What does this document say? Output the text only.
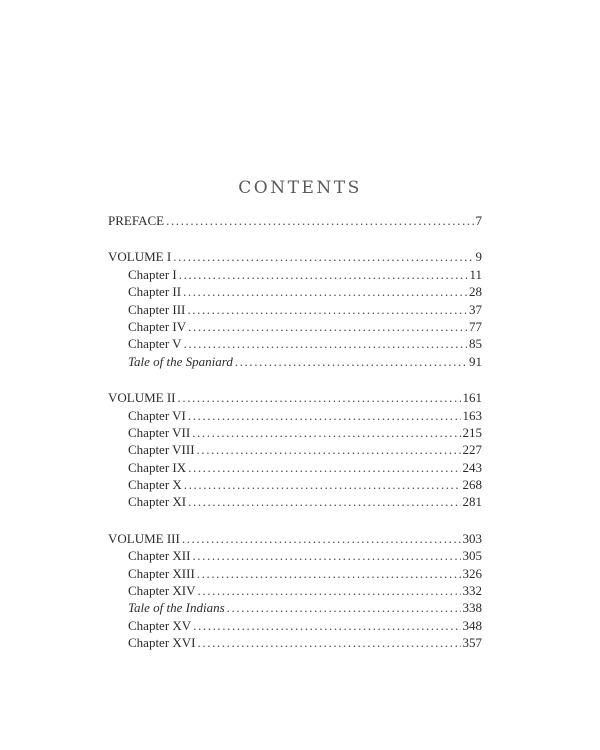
CONTENTS
PREFACE .....	7
VOLUME I .....	9
Chapter I .....	11
Chapter II .....	28
Chapter III .....	37
Chapter IV .....	77
Chapter V .....	85
Tale of the Spaniard .....	91
VOLUME II .....	161
Chapter VI .....	163
Chapter VII .....	215
Chapter VIII .....	227
Chapter IX .....	243
Chapter X .....	268
Chapter XI .....	281
VOLUME III .....	303
Chapter XII .....	305
Chapter XIII .....	326
Chapter XIV .....	332
Tale of the Indians .....	338
Chapter XV .....	348
Chapter XVI .....	357
